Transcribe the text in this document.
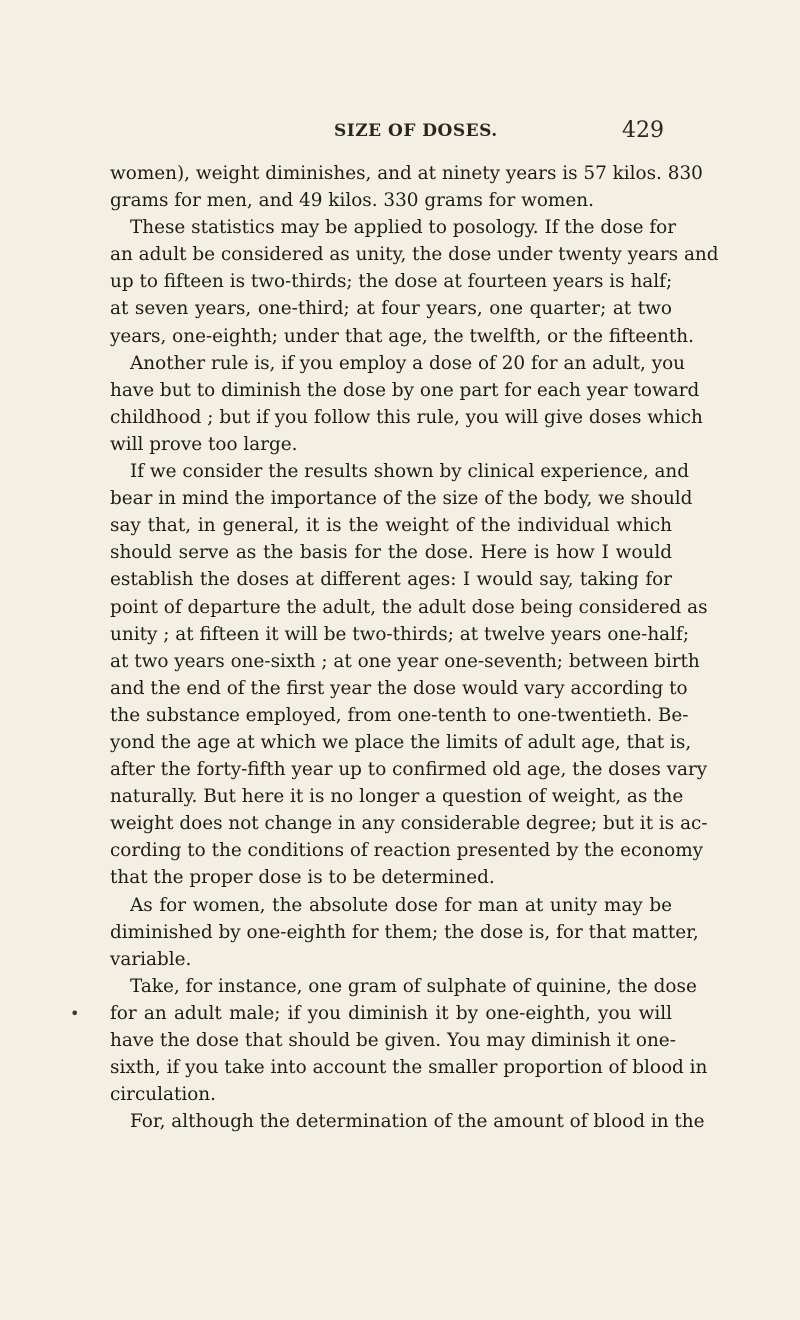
SIZE OF DOSES.	429
women), weight diminishes, and at ninety years is 57 kilos. 830
grams for men, and 49 kilos. 330 grams for women.
These statistics may be applied to posology. If the dose for
an adult be considered as unity, the dose under twenty years and
up to fifteen is two-thirds; the dose at fourteen years is half;
at seven years, one-third; at four years, one quarter; at two
years, one-eighth; under that age, the twelfth, or the fifteenth.
Another rule is, if you employ a dose of 20 for an adult, you
have but to diminish the dose by one part for each year toward
childhood ; but if you follow this rule, you will give doses which
will prove too large.
If we consider the results shown by clinical experience, and
bear in mind the importance of the size of the body, we should
say that, in general, it is the weight of the individual which
should serve as the basis for the dose. Here is how I would
establish the doses at different ages: I would say, taking for
point of departure the adult, the adult dose being considered as
unity ; at fifteen it will be two-thirds; at twelve years one-half;
at two years one-sixth ; at one year one-seventh; between birth
and the end of the first year the dose would vary according to
the substance employed, from one-tenth to one-twentieth. Be-
yond the age at which we place the limits of adult age, that is,
after the forty-fifth year up to confirmed old age, the doses vary
naturally. But here it is no longer a question of weight, as the
weight does not change in any considerable degree; but it is ac-
cording to the conditions of reaction presented by the economy
that the proper dose is to be determined.
As for women, the absolute dose for man at unity may be
diminished by one-eighth for them; the dose is, for that matter,
variable.
Take, for instance, one gram of sulphate of quinine, the dose
for an adult male; if you diminish it by one-eighth, you will
have the dose that should be given. You may diminish it one-
sixth, if you take into account the smaller proportion of blood in
circulation.
For, although the determination of the amount of blood in the
•
